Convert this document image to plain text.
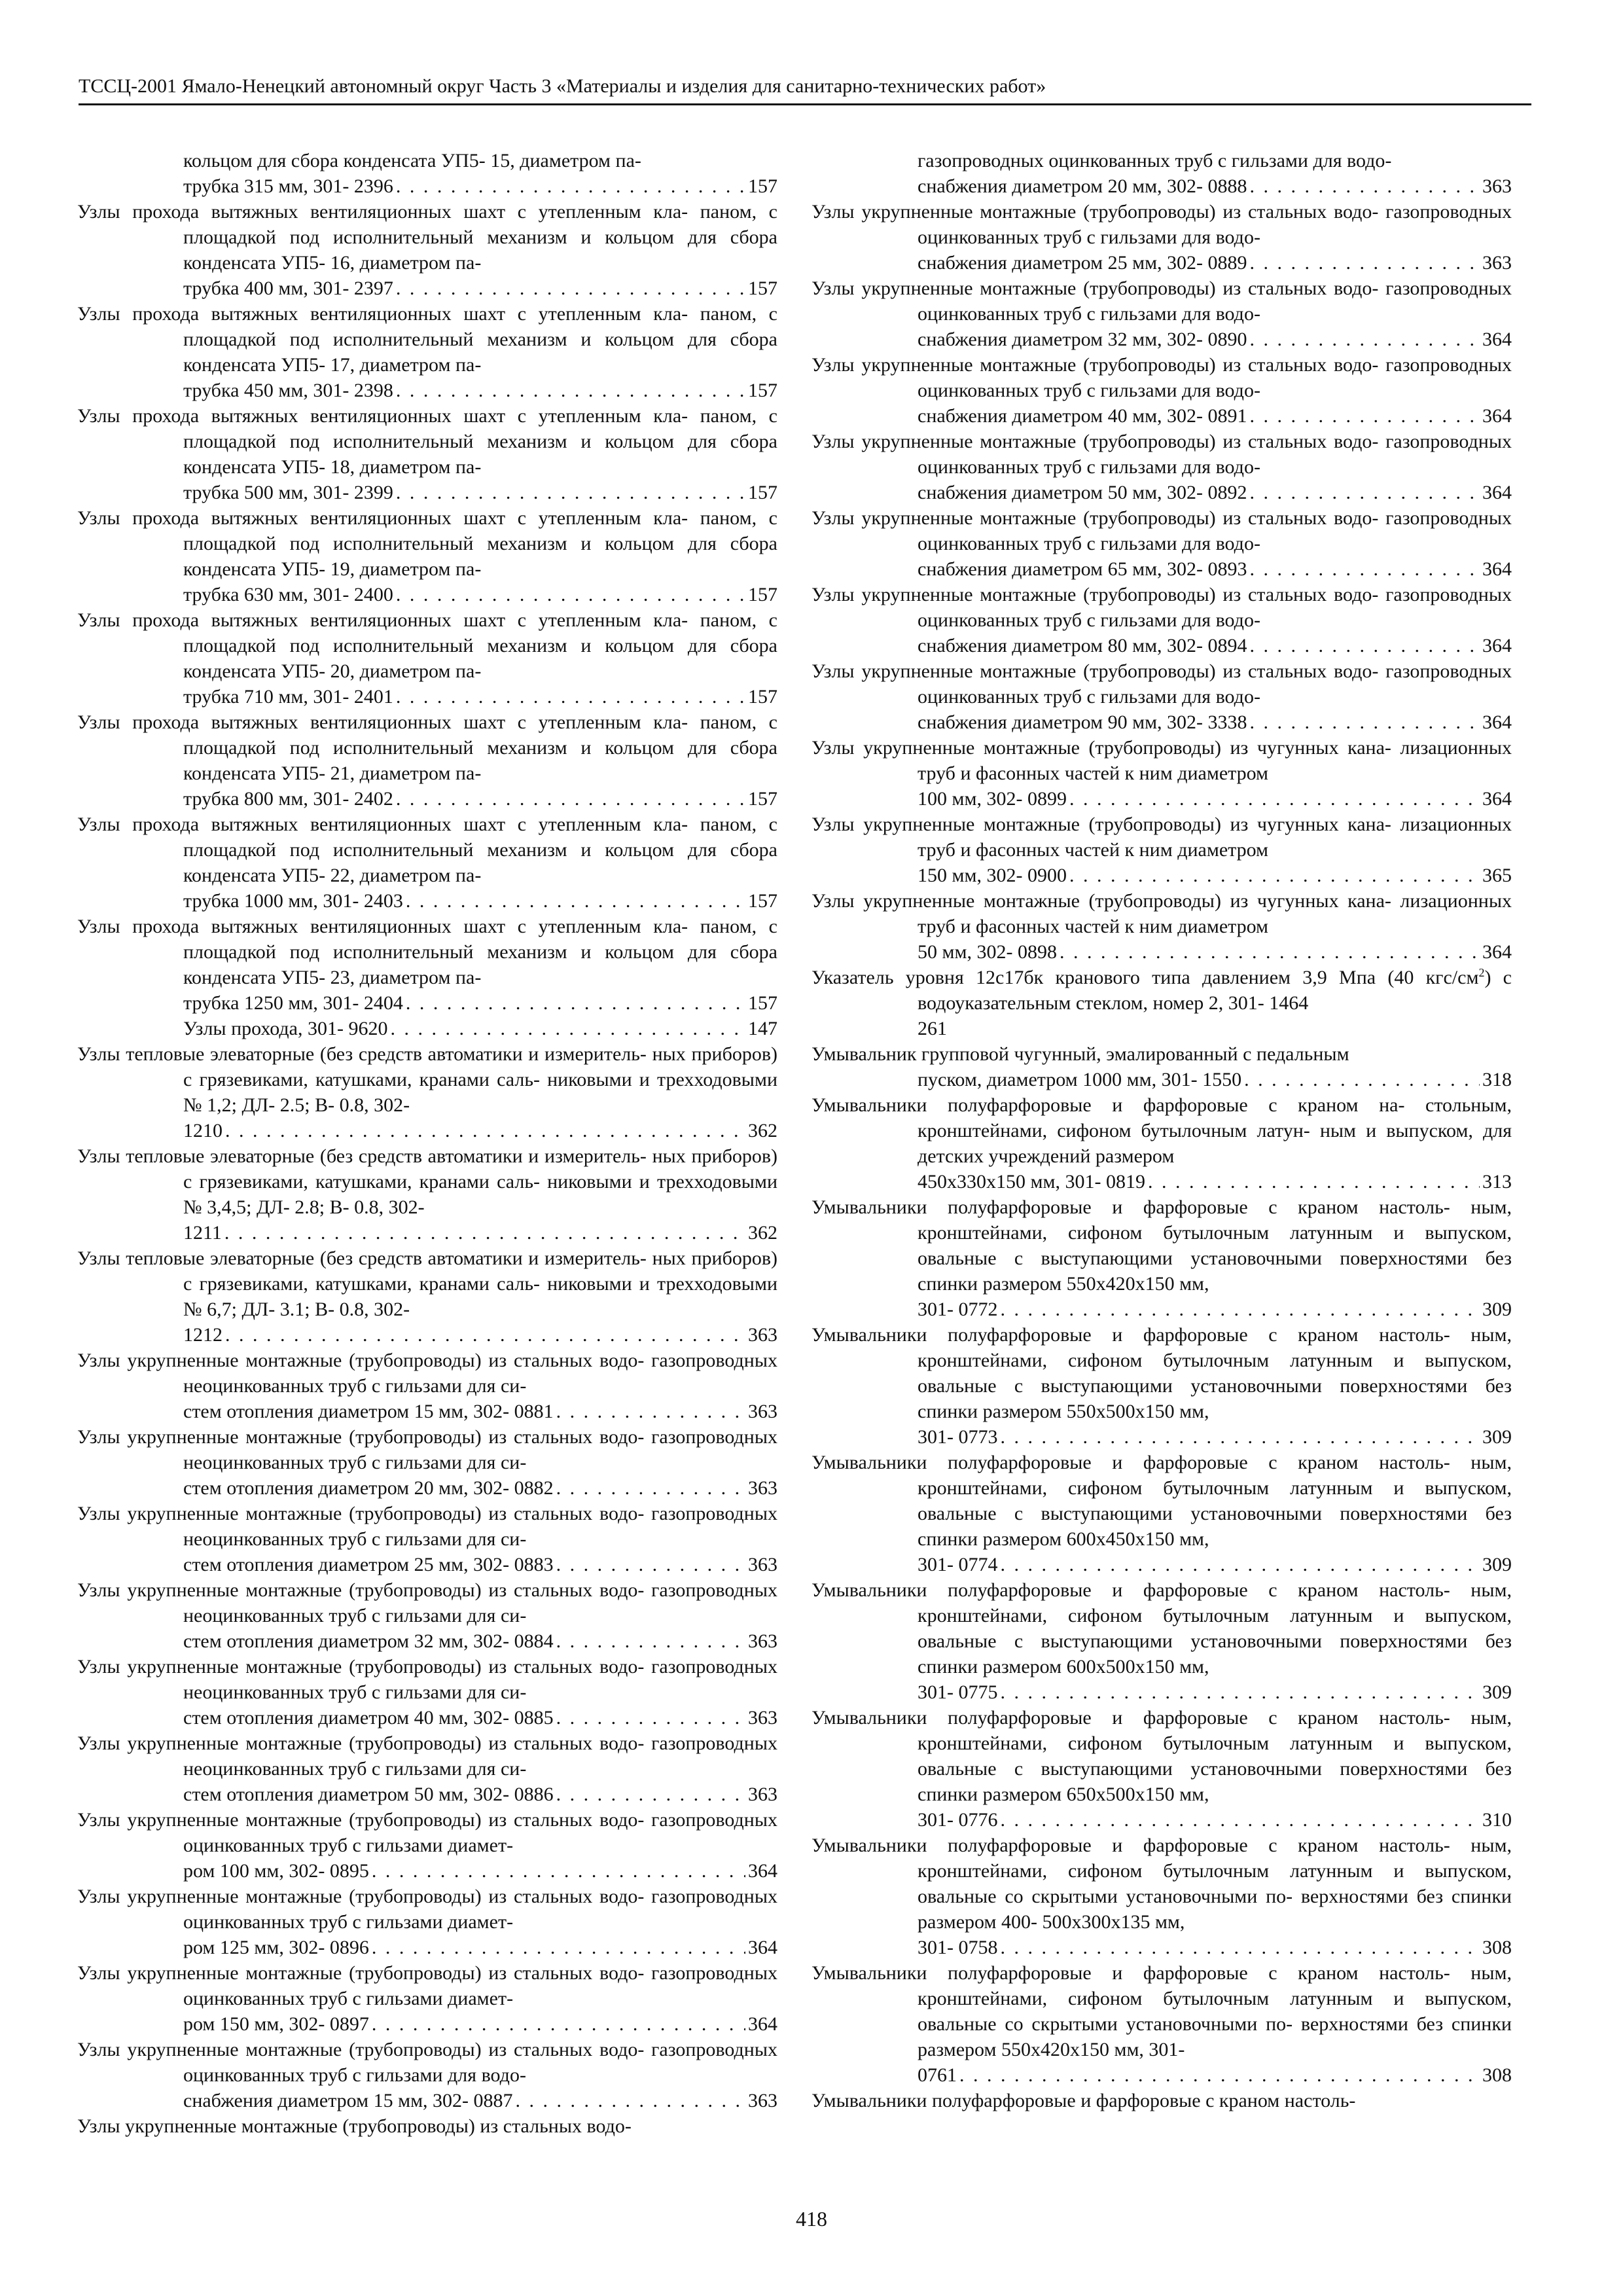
ТССЦ-2001 Ямало-Ненецкий автономный округ Часть 3 «Материалы и изделия для санитарно-технических работ»

кольцом для сбора конденсата УП5- 15, диаметром па-
трубка 315 мм, 301- 2396 . . .	157

Узлы прохода вытяжных вентиляционных шахт с утепленным кла- паном, с площадкой под исполнительный механизм и кольцом для сбора конденсата УП5- 16, диаметром па-
трубка 400 мм, 301- 2397 . . .	157

Узлы прохода вытяжных вентиляционных шахт с утепленным кла- паном, с площадкой под исполнительный механизм и кольцом для сбора конденсата УП5- 17, диаметром па-
трубка 450 мм, 301- 2398 . . .	157

Узлы прохода вытяжных вентиляционных шахт с утепленным кла- паном, с площадкой под исполнительный механизм и кольцом для сбора конденсата УП5- 18, диаметром па-
трубка 500 мм, 301- 2399 . . .	157

Узлы прохода вытяжных вентиляционных шахт с утепленным кла- паном, с площадкой под исполнительный механизм и кольцом для сбора конденсата УП5- 19, диаметром па-
трубка 630 мм, 301- 2400 . . .	157

Узлы прохода вытяжных вентиляционных шахт с утепленным кла- паном, с площадкой под исполнительный механизм и кольцом для сбора конденсата УП5- 20, диаметром па-
трубка 710 мм, 301- 2401 . . .	157

Узлы прохода вытяжных вентиляционных шахт с утепленным кла- паном, с площадкой под исполнительный механизм и кольцом для сбора конденсата УП5- 21, диаметром па-
трубка 800 мм, 301- 2402 . . .	157

Узлы прохода вытяжных вентиляционных шахт с утепленным кла- паном, с площадкой под исполнительный механизм и кольцом для сбора конденсата УП5- 22, диаметром па-
трубка 1000 мм, 301- 2403 . . .	157

Узлы прохода вытяжных вентиляционных шахт с утепленным кла- паном, с площадкой под исполнительный механизм и кольцом для сбора конденсата УП5- 23, диаметром па-
трубка 1250 мм, 301- 2404 . . .	157

Узлы прохода, 301- 9620 . . .	147

Узлы тепловые элеваторные (без средств автоматики и измеритель- ных приборов) с грязевиками, катушками, кранами саль- никовыми и трехходовыми № 1,2; ДЛ- 2.5; В- 0.8, 302-
1210 . . .	362

Узлы тепловые элеваторные (без средств автоматики и измеритель- ных приборов) с грязевиками, катушками, кранами саль- никовыми и трехходовыми № 3,4,5; ДЛ- 2.8; В- 0.8, 302-
1211 . . .	362

Узлы тепловые элеваторные (без средств автоматики и измеритель- ных приборов) с грязевиками, катушками, кранами саль- никовыми и трехходовыми № 6,7; ДЛ- 3.1; В- 0.8, 302-
1212 . . .	363

Узлы укрупненные монтажные (трубопроводы) из стальных водо- газопроводных неоцинкованных труб с гильзами для си-
стем отопления диаметром 15 мм, 302- 0881 . . .	363

Узлы укрупненные монтажные (трубопроводы) из стальных водо- газопроводных неоцинкованных труб с гильзами для си-
стем отопления диаметром 20 мм, 302- 0882 . . .	363

Узлы укрупненные монтажные (трубопроводы) из стальных водо- газопроводных неоцинкованных труб с гильзами для си-
стем отопления диаметром 25 мм, 302- 0883 . . .	363

Узлы укрупненные монтажные (трубопроводы) из стальных водо- газопроводных неоцинкованных труб с гильзами для си-
стем отопления диаметром 32 мм, 302- 0884 . . .	363

Узлы укрупненные монтажные (трубопроводы) из стальных водо- газопроводных неоцинкованных труб с гильзами для си-
стем отопления диаметром 40 мм, 302- 0885 . . .	363

Узлы укрупненные монтажные (трубопроводы) из стальных водо- газопроводных неоцинкованных труб с гильзами для си-
стем отопления диаметром 50 мм, 302- 0886 . . .	363

Узлы укрупненные монтажные (трубопроводы) из стальных водо- газопроводных оцинкованных труб с гильзами диамет-
ром 100 мм, 302- 0895 . . .	364

Узлы укрупненные монтажные (трубопроводы) из стальных водо- газопроводных оцинкованных труб с гильзами диамет-
ром 125 мм, 302- 0896 . . .	364

Узлы укрупненные монтажные (трубопроводы) из стальных водо- газопроводных оцинкованных труб с гильзами диамет-
ром 150 мм, 302- 0897 . . .	364

Узлы укрупненные монтажные (трубопроводы) из стальных водо- газопроводных оцинкованных труб с гильзами для водо-
снабжения диаметром 15 мм, 302- 0887 . . .	363

Узлы укрупненные монтажные (трубопроводы) из стальных водо-

газопроводных оцинкованных труб с гильзами для водо-
снабжения диаметром 20 мм, 302- 0888 . . .	363

Узлы укрупненные монтажные (трубопроводы) из стальных водо- газопроводных оцинкованных труб с гильзами для водо-
снабжения диаметром 25 мм, 302- 0889 . . .	363

Узлы укрупненные монтажные (трубопроводы) из стальных водо- газопроводных оцинкованных труб с гильзами для водо-
снабжения диаметром 32 мм, 302- 0890 . . .	364

Узлы укрупненные монтажные (трубопроводы) из стальных водо- газопроводных оцинкованных труб с гильзами для водо-
снабжения диаметром 40 мм, 302- 0891 . . .	364

Узлы укрупненные монтажные (трубопроводы) из стальных водо- газопроводных оцинкованных труб с гильзами для водо-
снабжения диаметром 50 мм, 302- 0892 . . .	364

Узлы укрупненные монтажные (трубопроводы) из стальных водо- газопроводных оцинкованных труб с гильзами для водо-
снабжения диаметром 65 мм, 302- 0893 . . .	364

Узлы укрупненные монтажные (трубопроводы) из стальных водо- газопроводных оцинкованных труб с гильзами для водо-
снабжения диаметром 80 мм, 302- 0894 . . .	364

Узлы укрупненные монтажные (трубопроводы) из стальных водо- газопроводных оцинкованных труб с гильзами для водо-
снабжения диаметром 90 мм, 302- 3338 . . .	364

Узлы укрупненные монтажные (трубопроводы) из чугунных кана- лизационных труб и фасонных частей к ним диаметром
100 мм, 302- 0899 . . .	364

Узлы укрупненные монтажные (трубопроводы) из чугунных кана- лизационных труб и фасонных частей к ним диаметром
150 мм, 302- 0900 . . .	365

Узлы укрупненные монтажные (трубопроводы) из чугунных кана- лизационных труб и фасонных частей к ним диаметром
50 мм, 302- 0898 . . .	364

Указатель уровня 12с17бк кранового типа давлением 3,9 Мпа (40 кгс/$см^2$) с водоуказательным стеклом, номер 2, 301- 1464
261

Умывальник групповой чугунный, эмалированный с педальным
пуском, диаметром 1000 мм, 301- 1550 . . .	318

Умывальники полуфарфоровые и фарфоровые с краном на- стольным, кронштейнами, сифоном бутылочным латун- ным и выпуском, для детских учреждений размером
450х330х150 мм, 301- 0819 . . .	313

Умывальники полуфарфоровые и фарфоровые с краном настоль- ным, кронштейнами, сифоном бутылочным латунным и выпуском, овальные с выступающими установочными поверхностями без спинки размером 550х420х150 мм,
301- 0772 . . .	309

Умывальники полуфарфоровые и фарфоровые с краном настоль- ным, кронштейнами, сифоном бутылочным латунным и выпуском, овальные с выступающими установочными поверхностями без спинки размером 550х500х150 мм,
301- 0773 . . .	309

Умывальники полуфарфоровые и фарфоровые с краном настоль- ным, кронштейнами, сифоном бутылочным латунным и выпуском, овальные с выступающими установочными поверхностями без спинки размером 600х450х150 мм,
301- 0774 . . .	309

Умывальники полуфарфоровые и фарфоровые с краном настоль- ным, кронштейнами, сифоном бутылочным латунным и выпуском, овальные с выступающими установочными поверхностями без спинки размером 600х500х150 мм,
301- 0775 . . .	309

Умывальники полуфарфоровые и фарфоровые с краном настоль- ным, кронштейнами, сифоном бутылочным латунным и выпуском, овальные с выступающими установочными поверхностями без спинки размером 650х500х150 мм,
301- 0776 . . .	310

Умывальники полуфарфоровые и фарфоровые с краном настоль- ным, кронштейнами, сифоном бутылочным латунным и выпуском, овальные со скрытыми установочными по- верхностями без спинки размером 400- 500х300х135 мм,
301- 0758 . . .	308

Умывальники полуфарфоровые и фарфоровые с краном настоль- ным, кронштейнами, сифоном бутылочным латунным и выпуском, овальные со скрытыми установочными по- верхностями без спинки размером 550х420х150 мм, 301-
0761 . . .	308

Умывальники полуфарфоровые и фарфоровые с краном настоль-

418
